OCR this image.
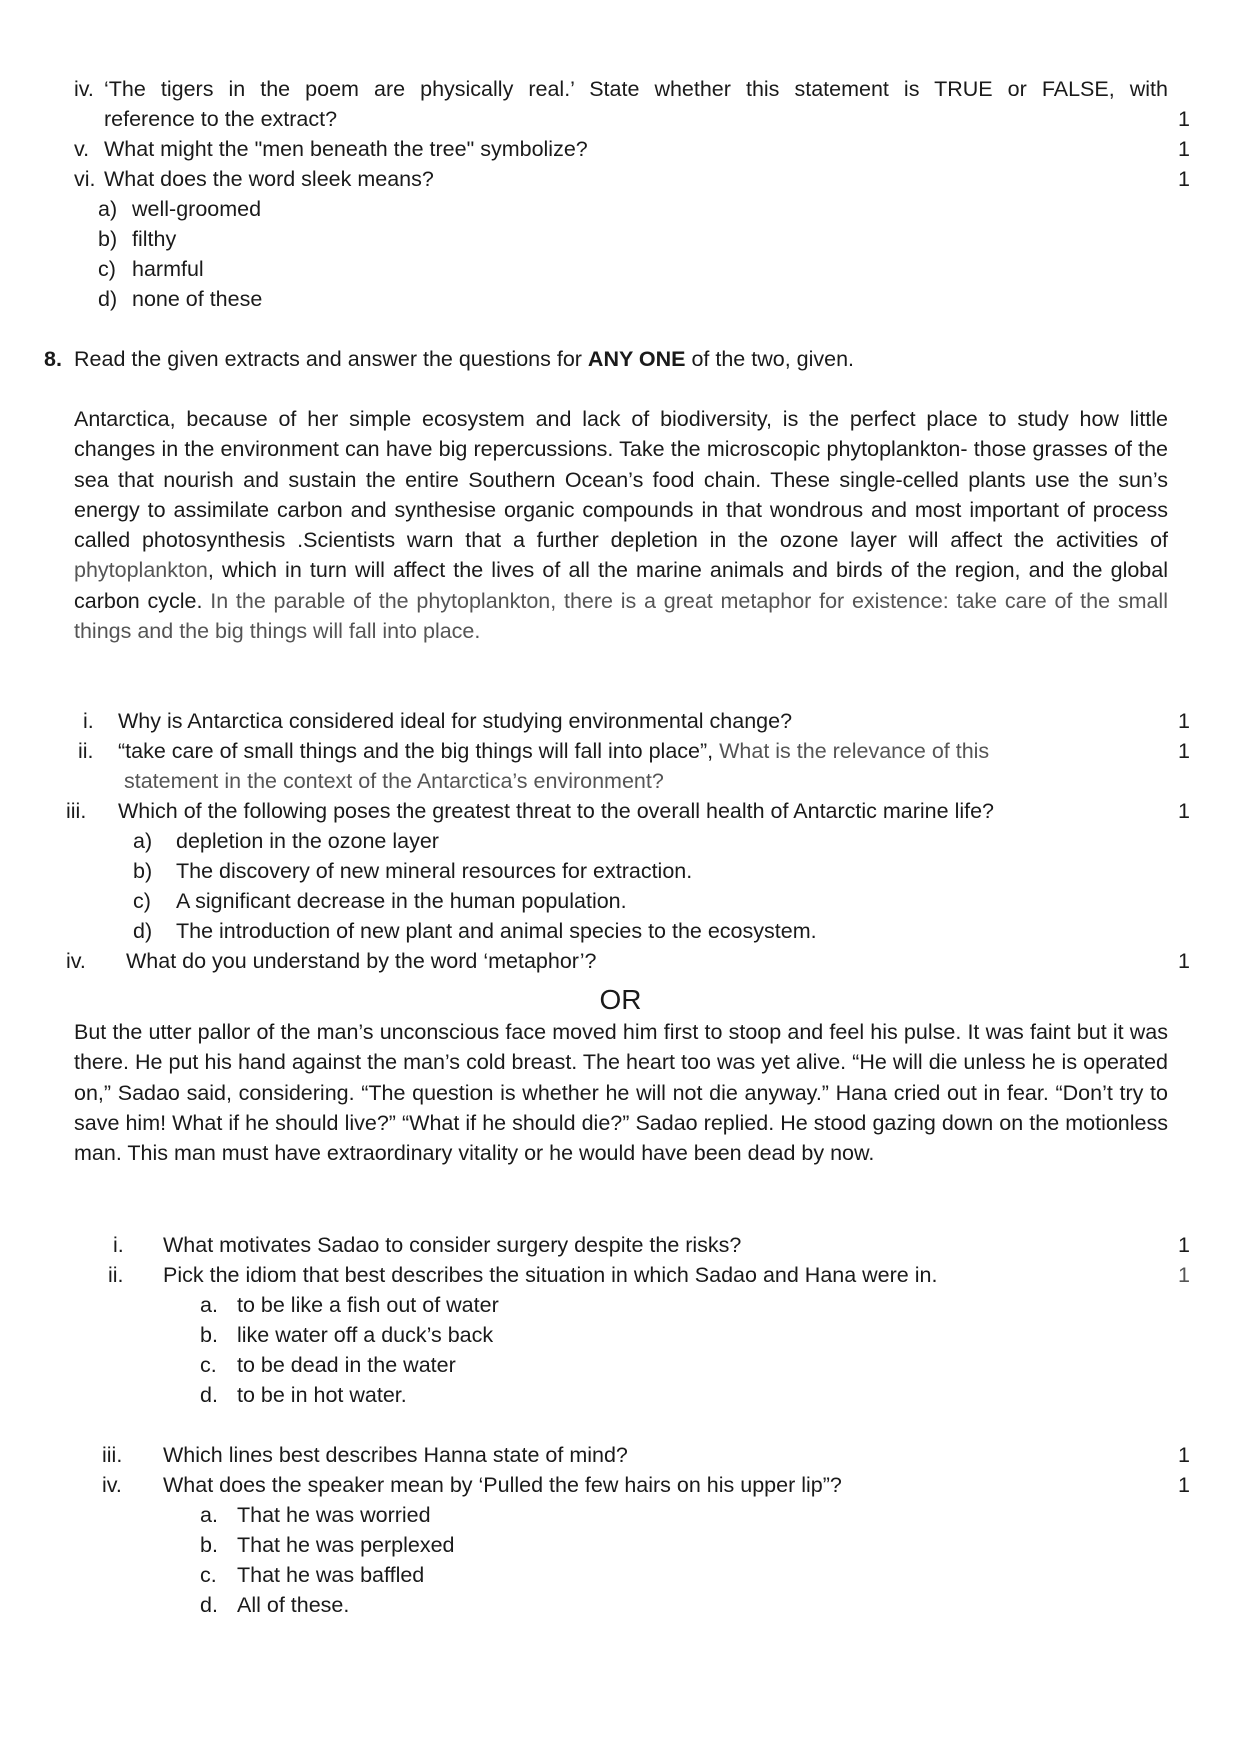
iv. ‘The tigers in the poem are physically real.’ State whether this statement is TRUE or FALSE, with
reference to the extract?	1
v. What might the "men beneath the tree" symbolize?	1
vi. What does the word sleek means?	1
a) well-groomed
b) filthy
c) harmful
d) none of these
8. Read the given extracts and answer the questions for ANY ONE of the two, given.
Antarctica, because of her simple ecosystem and lack of biodiversity, is the perfect place to study how little changes in the environment can have big repercussions. Take the microscopic phytoplankton- those grasses of the sea that nourish and sustain the entire Southern Ocean’s food chain. These single-celled plants use the sun’s energy to assimilate carbon and synthesise organic compounds in that wondrous and most important of process called photosynthesis .Scientists warn that a further depletion in the ozone layer will affect the activities of phytoplankton, which in turn will affect the lives of all the marine animals and birds of the region, and the global carbon cycle. In the parable of the phytoplankton, there is a great metaphor for existence: take care of the small things and the big things will fall into place.
i. Why is Antarctica considered ideal for studying environmental change?	1
ii. “take care of small things and the big things will fall into place”, What is the relevance of this
statement in the context of the Antarctica’s environment?
1
iii. Which of the following poses the greatest threat to the overall health of Antarctic marine life?	1
a) depletion in the ozone layer
b) The discovery of new mineral resources for extraction.
c) A significant decrease in the human population.
d) The introduction of new plant and animal species to the ecosystem.
iv. What do you understand by the word ‘metaphor’?	1
OR
But the utter pallor of the man’s unconscious face moved him first to stoop and feel his pulse. It was faint but it was there. He put his hand against the man’s cold breast. The heart too was yet alive. “He will die unless he is operated on,” Sadao said, considering. “The question is whether he will not die anyway.” Hana cried out in fear. “Don’t try to save him! What if he should live?” “What if he should die?” Sadao replied. He stood gazing down on the motionless man. This man must have extraordinary vitality or he would have been dead by now.
i. What motivates Sadao to consider surgery despite the risks?	1
ii. Pick the idiom that best describes the situation in which Sadao and Hana were in.	1
a. to be like a fish out of water
b. like water off a duck’s back
c. to be dead in the water
d. to be in hot water.
iii. Which lines best describes Hanna state of mind?	1
iv. What does the speaker mean by ‘Pulled the few hairs on his upper lip”?	1
a. That he was worried
b. That he was perplexed
c. That he was baffled
d. All of these.
